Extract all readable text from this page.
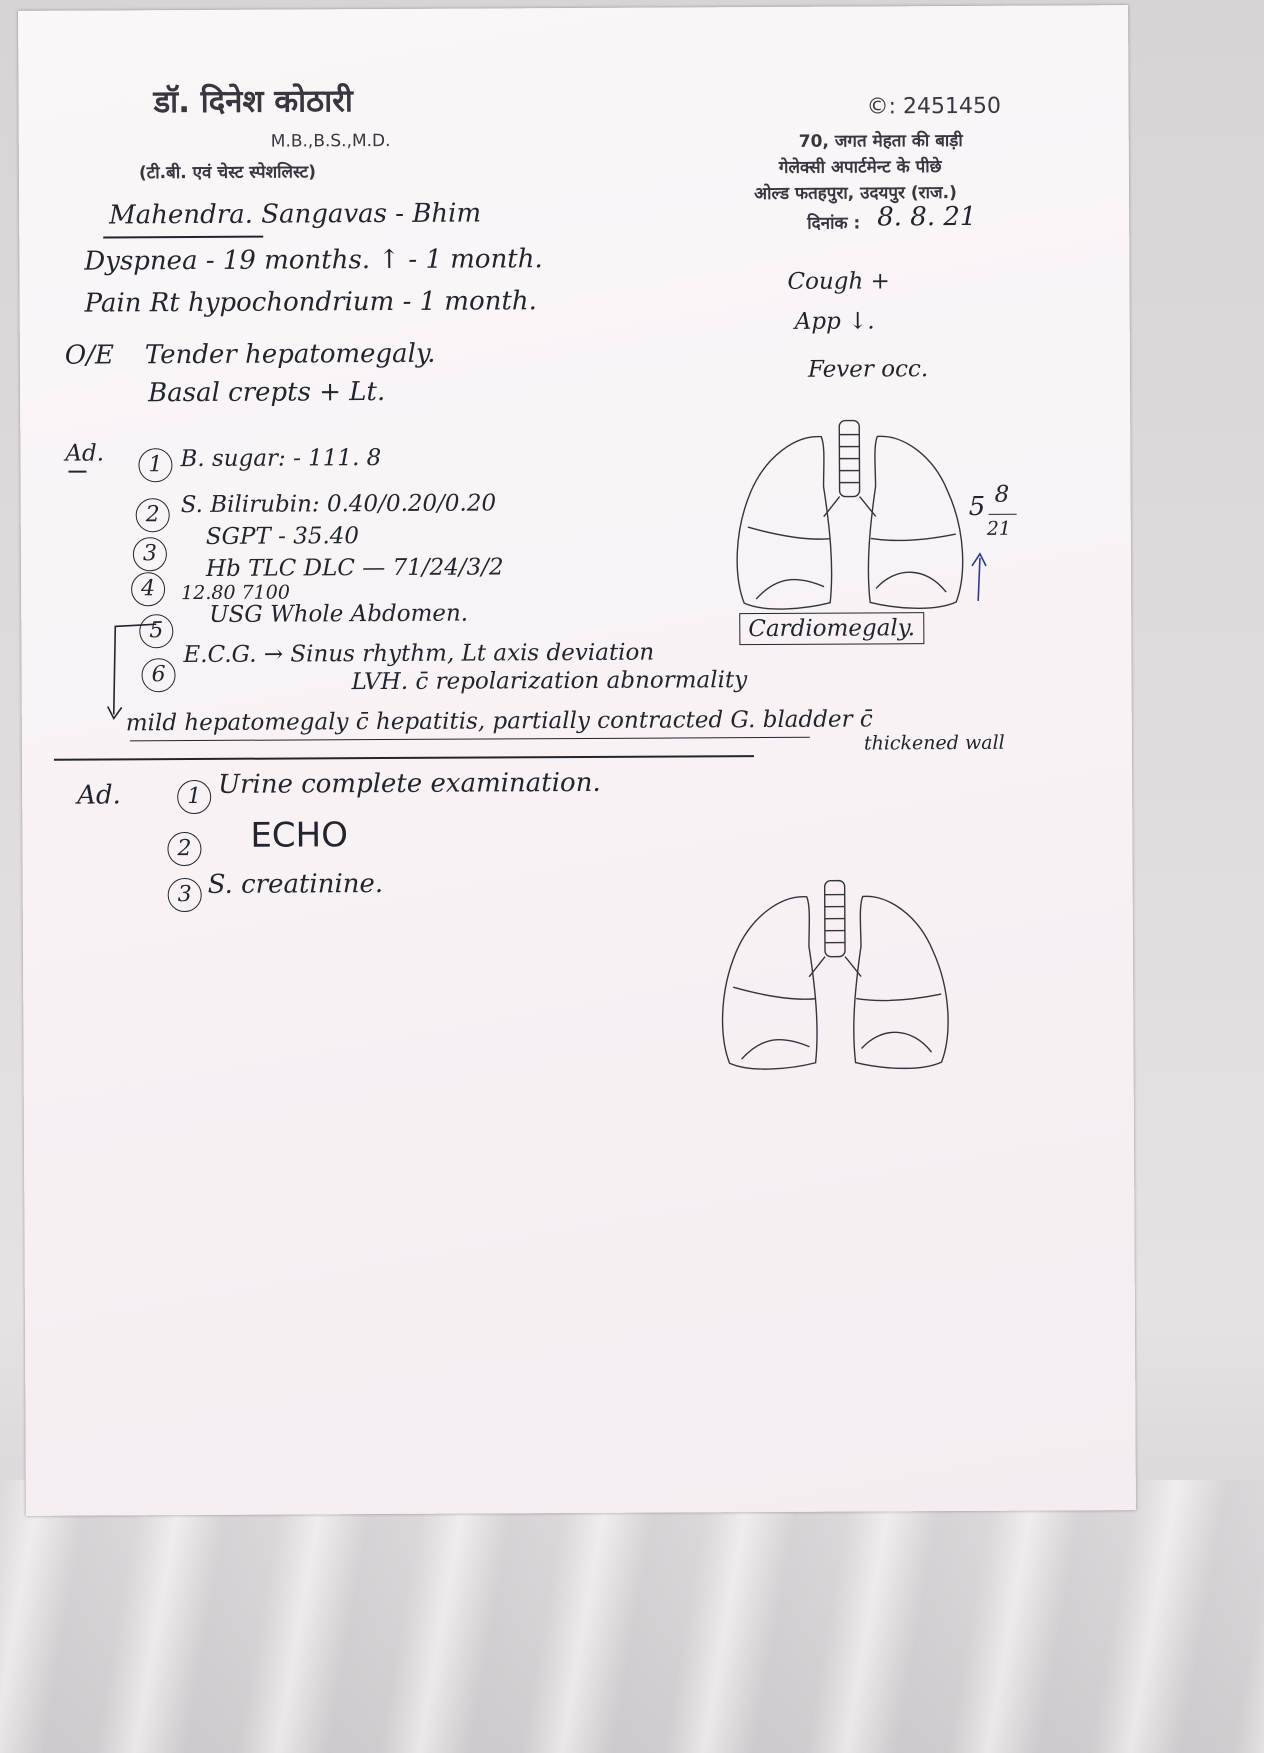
डॉ. दिनेश कोठारी
M.B.,B.S.,M.D.
(टी.बी. एवं चेस्ट स्पेशलिस्ट)
©: 2451450
70, जगत मेहता की बाड़ी
गेलेक्सी अपार्टमेन्ट के पीछे
ओल्ड फतहपुरा, उदयपुर (राज.)
दिनांक : 8. 8. 21
Mahendra. Sangavas - Bhim
Dyspnea - 19 months. ↑ - 1 month.
Pain Rt hypochondrium - 1 month.
Cough +
App ↓.
Fever occ.
O/E Tender hepatomegaly.
Basal crepts + Lt.
Ad.	1 B. sugar: - 111. 8
2 S. Bilirubin: 0.40/0.20/0.20
3
SGPT - 35.40
4
Hb TLC DLC — 71/24/3/2
12.80 7100
5
USG Whole Abdomen.
6
E.C.G. → Sinus rhythm, Lt axis deviation
LVH. c̄ repolarization abnormality
Cardiomegaly.
mild hepatomegaly c̄ hepatitis, partially contracted G. bladder c̄
thickened wall
Ad.	1 Urine complete examination.
2 ECHO
3 S. creatinine.
5 8
21
